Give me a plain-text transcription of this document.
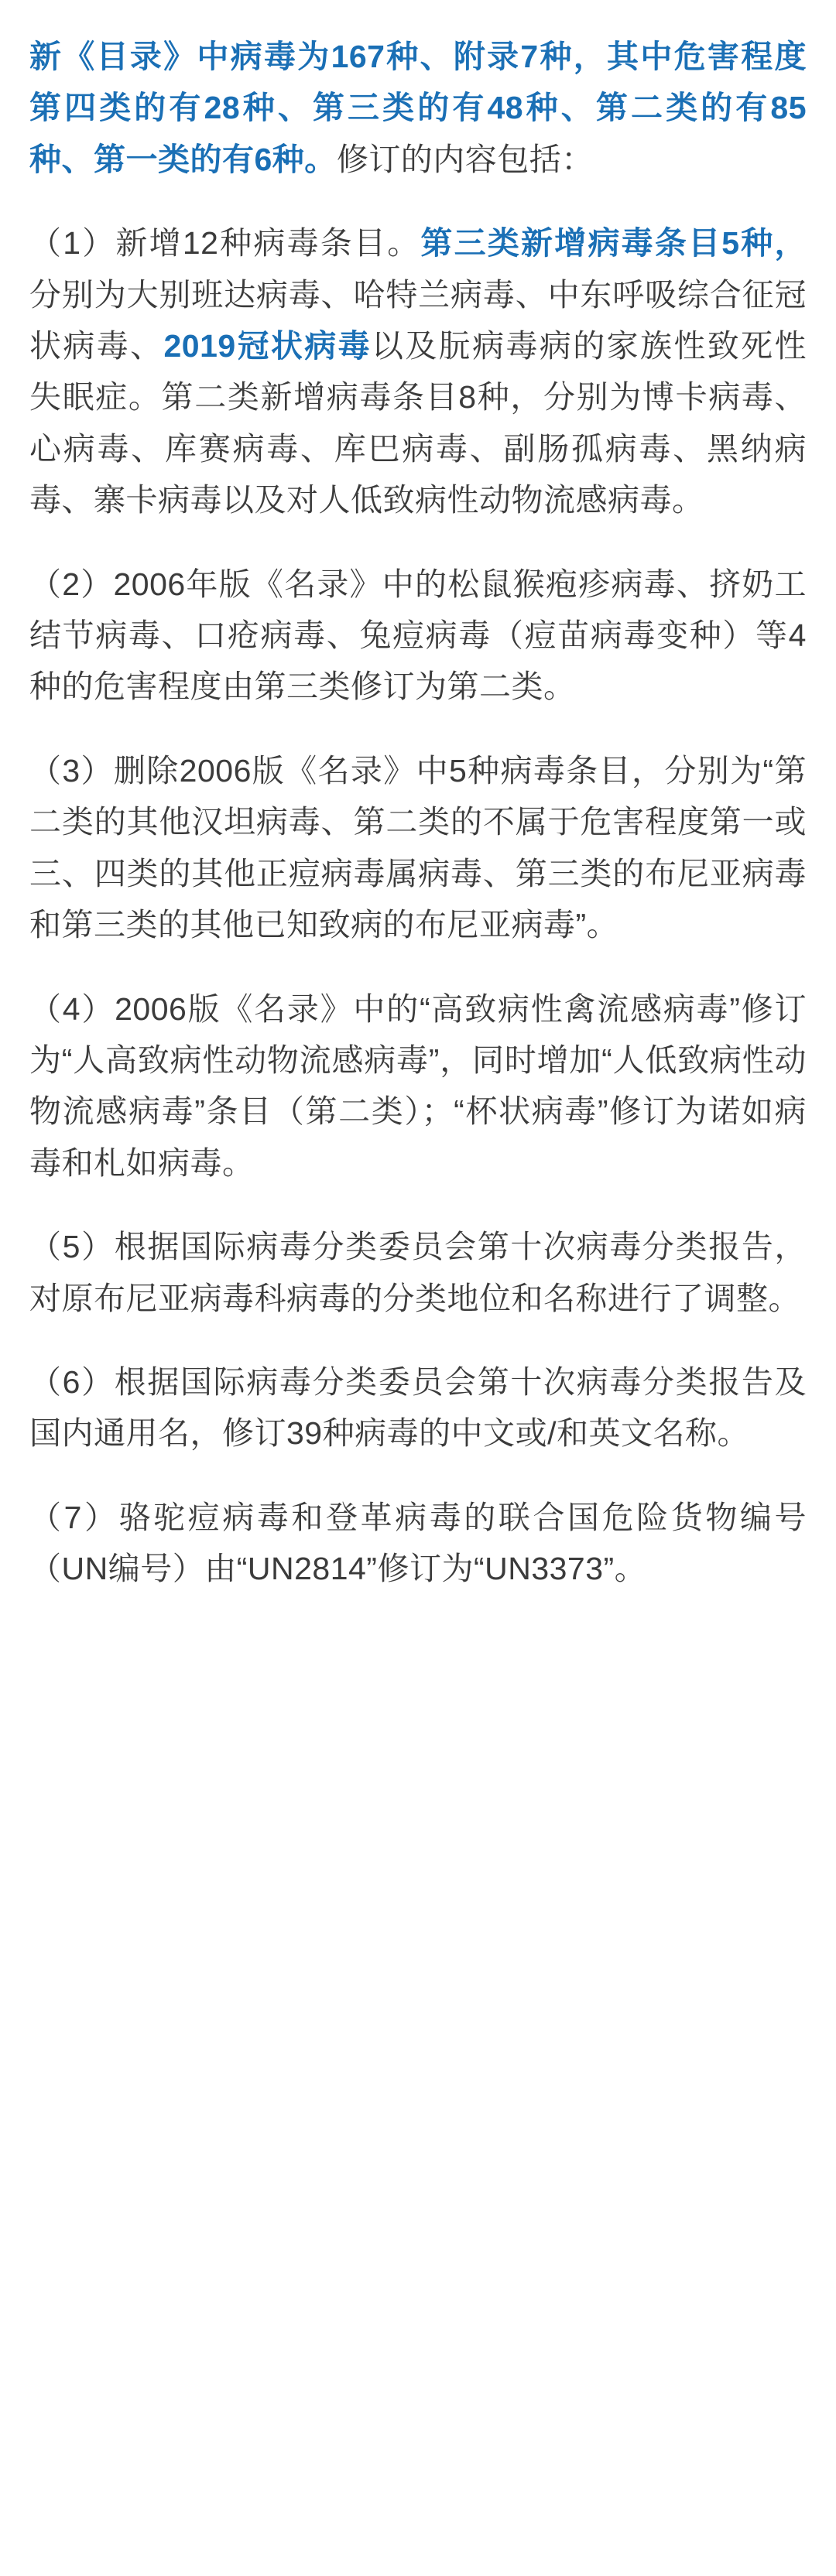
新《目录》中病毒为167种、附录7种，其中危害程度第四类的有28种、第三类的有48种、第二类的有85种、第一类的有6种。修订的内容包括：

（1）新增12种病毒条目。第三类新增病毒条目5种，分别为大别班达病毒、哈特兰病毒、中东呼吸综合征冠状病毒、2019冠状病毒以及朊病毒病的家族性致死性失眠症。第二类新增病毒条目8种，分别为博卡病毒、心病毒、库赛病毒、库巴病毒、副肠孤病毒、黑纳病毒、寨卡病毒以及对人低致病性动物流感病毒。

（2）2006年版《名录》中的松鼠猴疱疹病毒、挤奶工结节病毒、口疮病毒、兔痘病毒（痘苗病毒变种）等4种的危害程度由第三类修订为第二类。

（3）删除2006版《名录》中5种病毒条目，分别为“第二类的其他汉坦病毒、第二类的不属于危害程度第一或三、四类的其他正痘病毒属病毒、第三类的布尼亚病毒和第三类的其他已知致病的布尼亚病毒”。

（4）2006版《名录》中的“高致病性禽流感病毒”修订为“人高致病性动物流感病毒”，同时增加“人低致病性动物流感病毒”条目（第二类）；“杯状病毒”修订为诺如病毒和札如病毒。

（5）根据国际病毒分类委员会第十次病毒分类报告，对原布尼亚病毒科病毒的分类地位和名称进行了调整。

（6）根据国际病毒分类委员会第十次病毒分类报告及国内通用名，修订39种病毒的中文或/和英文名称。

（7）骆驼痘病毒和登革病毒的联合国危险货物编号（UN编号）由“UN2814”修订为“UN3373”。
